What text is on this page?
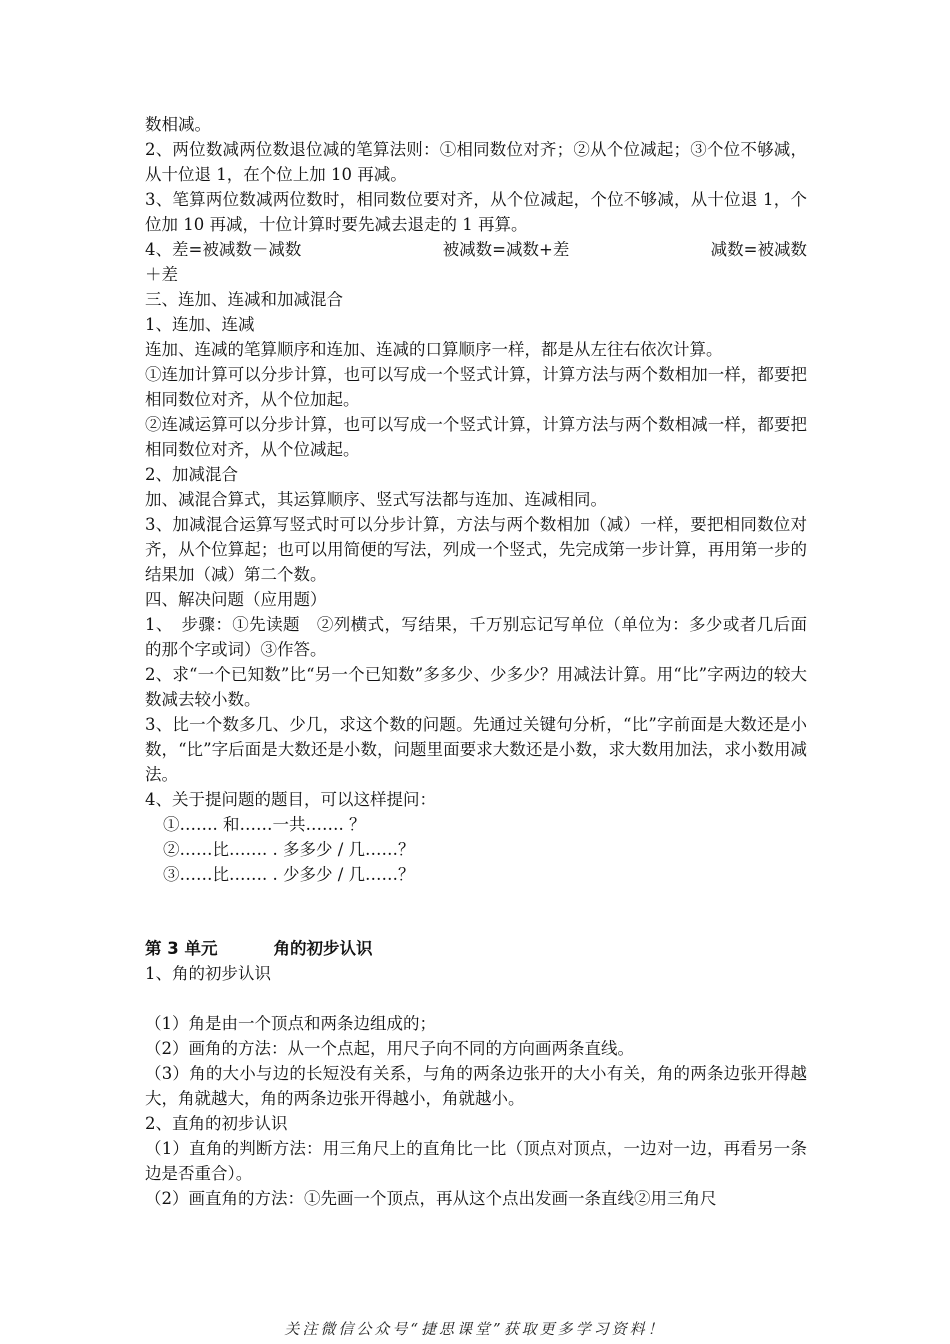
数相减。

2、两位数减两位数退位减的笔算法则：①相同数位对齐；②从个位减起；③个位不够减，从十位退 1，在个位上加 10 再减。

3、笔算两位数减两位数时，相同数位要对齐，从个位减起，个位不够减，从十位退 1，个位加 10 再减，十位计算时要先减去退走的 1 再算。

4、差=被减数－减数	被减数=减数+差	减数=被减数

＋差

三、连加、连减和加减混合

1、连加、连减

连加、连减的笔算顺序和连加、连减的口算顺序一样，都是从左往右依次计算。

①连加计算可以分步计算，也可以写成一个竖式计算，计算方法与两个数相加一样，都要把相同数位对齐，从个位加起。

②连减运算可以分步计算，也可以写成一个竖式计算，计算方法与两个数相减一样，都要把相同数位对齐，从个位减起。

2、加减混合

加、减混合算式，其运算顺序、竖式写法都与连加、连减相同。

3、加减混合运算写竖式时可以分步计算，方法与两个数相加（减）一样，要把相同数位对齐，从个位算起；也可以用简便的写法，列成一个竖式，先完成第一步计算，再用第一步的结果加（减）第二个数。

四、解决问题（应用题）

1、　步骤：①先读题　②列横式，写结果，千万别忘记写单位（单位为：多少或者几后面的那个字或词）③作答。

2、求“一个已知数”比“另一个已知数”多多少、少多少？用减法计算。用“比”字两边的较大数减去较小数。

3、比一个数多几、少几，求这个数的问题。先通过关键句分析，“比”字前面是大数还是小数，“比”字后面是大数还是小数，问题里面要求大数还是小数，求大数用加法，求小数用减法。

4、关于提问题的题目，可以这样提问：

①……. 和……一共……. ？

②……比……. . 多多少 / 几……？

③……比……. . 少多少 / 几……？

第 3 单元	角的初步认识

1、角的初步认识

（1）角是由一个顶点和两条边组成的；

（2）画角的方法：从一个点起，用尺子向不同的方向画两条直线。

（3）角的大小与边的长短没有关系，与角的两条边张开的大小有关，角的两条边张开得越大，角就越大，角的两条边张开得越小，角就越小。

2、直角的初步认识

（1）直角的判断方法：用三角尺上的直角比一比（顶点对顶点，一边对一边，再看另一条边是否重合）。

（2）画直角的方法：①先画一个顶点，再从这个点出发画一条直线②用三角尺

关注微信公众号“捷思课堂”获取更多学习资料！
